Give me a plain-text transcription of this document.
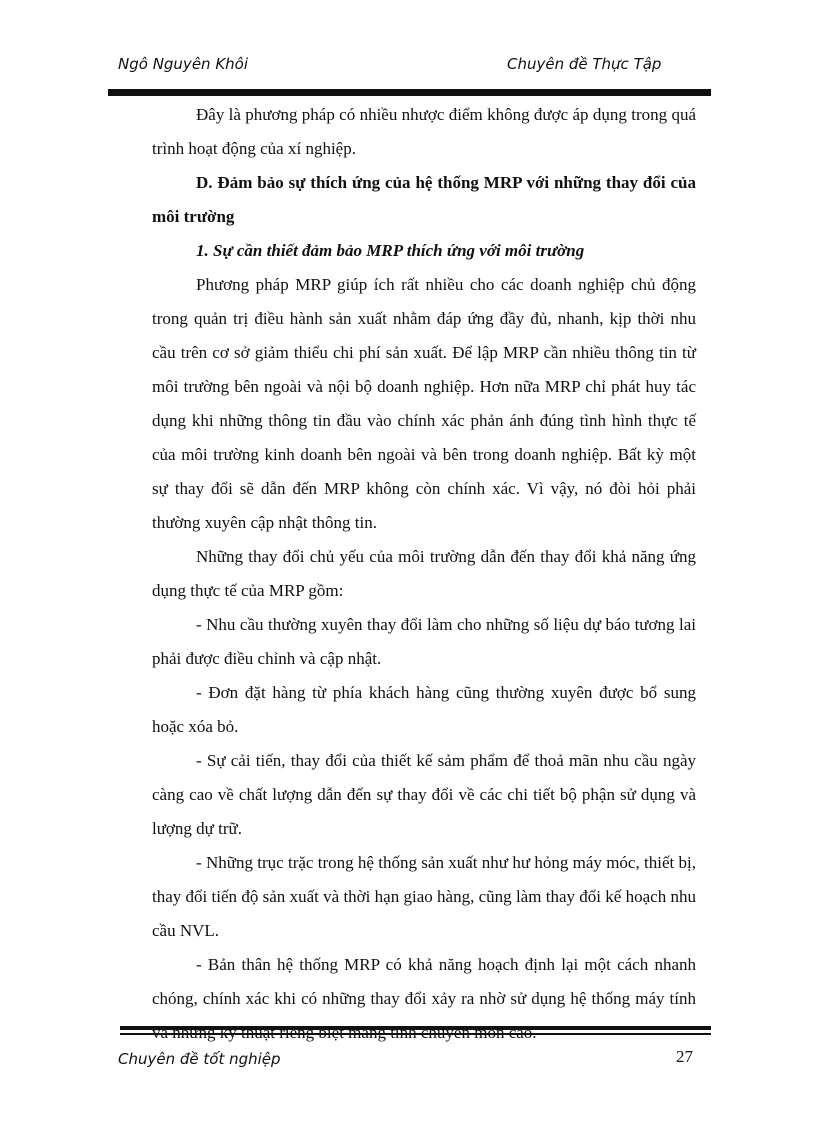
Ngô Nguyên Khôi	Chuyên đề Thực Tập

Đây là phương pháp có nhiều nhược điểm không được áp dụng trong quá trình hoạt động của xí nghiệp.

D. Đảm bảo sự thích ứng của hệ thống MRP với những thay đổi của môi trường

1. Sự cần thiết đảm bảo MRP thích ứng với môi trường

Phương pháp MRP giúp ích rất nhiều cho các doanh nghiệp chủ động trong quản trị điều hành sản xuất nhằm đáp ứng đầy đủ, nhanh, kịp thời nhu cầu trên cơ sở giảm thiểu chi phí sản xuất. Để lập MRP cần nhiều thông tin từ môi trường bên ngoài và nội bộ doanh nghiệp. Hơn nữa MRP chỉ phát huy tác dụng khi những thông tin đầu vào chính xác phản ánh đúng tình hình thực tế của môi trường kinh doanh bên ngoài và bên trong doanh nghiệp. Bất kỳ một sự thay đổi sẽ dẫn đến MRP không còn chính xác. Vì vậy, nó đòi hỏi phải thường xuyên cập nhật thông tin.

Những thay đổi chủ yếu của môi trường dẫn đến thay đổi khả năng ứng dụng thực tế của MRP gồm:

- Nhu cầu thường xuyên thay đổi làm cho những số liệu dự báo tương lai phải được điều chỉnh và cập nhật.

- Đơn đặt hàng từ phía khách hàng cũng thường xuyên được bổ sung hoặc xóa bỏ.

- Sự cải tiến, thay đổi của thiết kế sảm phẩm để thoả mãn nhu cầu ngày càng cao về chất lượng dẫn đến sự thay đổi về các chi tiết bộ phận sử dụng và lượng dự trữ.

- Những trục trặc trong hệ thống sản xuất như hư hỏng máy móc, thiết bị, thay đổi tiến độ sản xuất và thời hạn giao hàng, cũng làm thay đổi kế hoạch nhu cầu NVL.

- Bản thân hệ thống MRP có khả năng hoạch định lại một cách nhanh chóng, chính xác khi có những thay đổi xảy ra nhờ sử dụng hệ thống máy tính

Chuyên đề tốt nghiệp	27
